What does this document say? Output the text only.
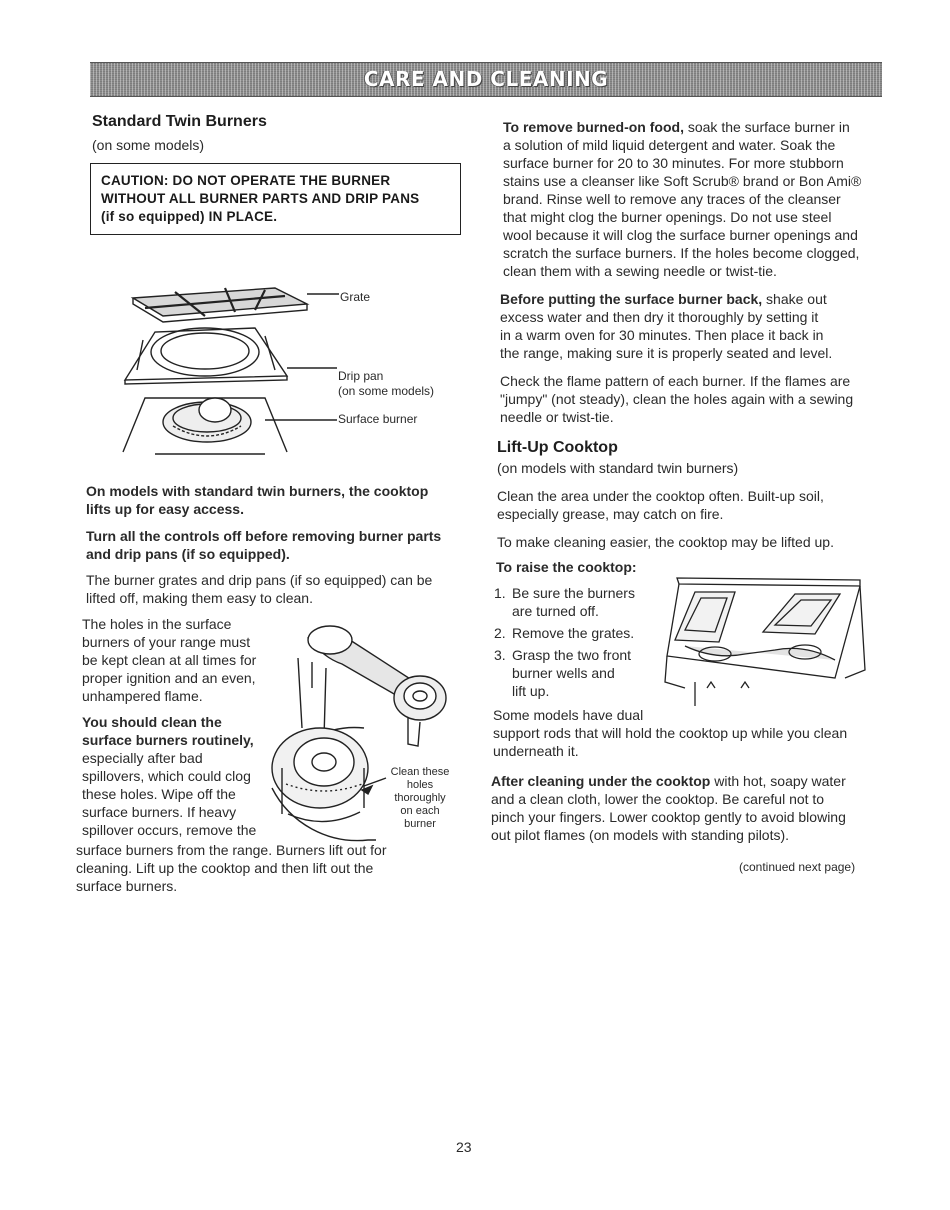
CARE AND CLEANING
Standard Twin Burners
(on some models)
CAUTION: DO NOT OPERATE THE BURNER
WITHOUT ALL BURNER PARTS AND DRIP PANS
(if so equipped) IN PLACE.
Grate
Drip pan
(on some models)
Surface burner
On models with standard twin burners, the cooktop
lifts up for easy access.
Turn all the controls off before removing burner parts
and drip pans (if so equipped).
The burner grates and drip pans (if so equipped) can be
lifted off, making them easy to clean.
The holes in the surface
burners of your range must
be kept clean at all times for
proper ignition and an even,
unhampered flame.
You should clean the
surface burners routinely,
especially after bad
spillovers, which could clog
these holes. Wipe off the
surface burners. If heavy
spillover occurs, remove the
surface burners from the range. Burners lift out for
cleaning. Lift up the cooktop and then lift out the
surface burners.
Clean these
holes
thoroughly
on each
burner
To remove burned-on food, soak the surface burner in
a solution of mild liquid detergent and water. Soak the
surface burner for 20 to 30 minutes. For more stubborn
stains use a cleanser like Soft Scrub® brand or Bon Ami®
brand. Rinse well to remove any traces of the cleanser
that might clog the burner openings. Do not use steel
wool because it will clog the surface burner openings and
scratch the surface burners. If the holes become clogged,
clean them with a sewing needle or twist-tie.
Before putting the surface burner back, shake out
excess water and then dry it thoroughly by setting it
in a warm oven for 30 minutes. Then place it back in
the range, making sure it is properly seated and level.
Check the flame pattern of each burner. If the flames are
"jumpy" (not steady), clean the holes again with a sewing
needle or twist-tie.
Lift-Up Cooktop
(on models with standard twin burners)
Clean the area under the cooktop often. Built-up soil,
especially grease, may catch on fire.
To make cleaning easier, the cooktop may be lifted up.
To raise the cooktop:
1. Be sure the burners
are turned off.
2. Remove the grates.
3. Grasp the two front
burner wells and
lift up.
Some models have dual
support rods that will hold the cooktop up while you clean
underneath it.
After cleaning under the cooktop with hot, soapy water
and a clean cloth, lower the cooktop. Be careful not to
pinch your fingers. Lower cooktop gently to avoid blowing
out pilot flames (on models with standing pilots).
(continued next page)
23
